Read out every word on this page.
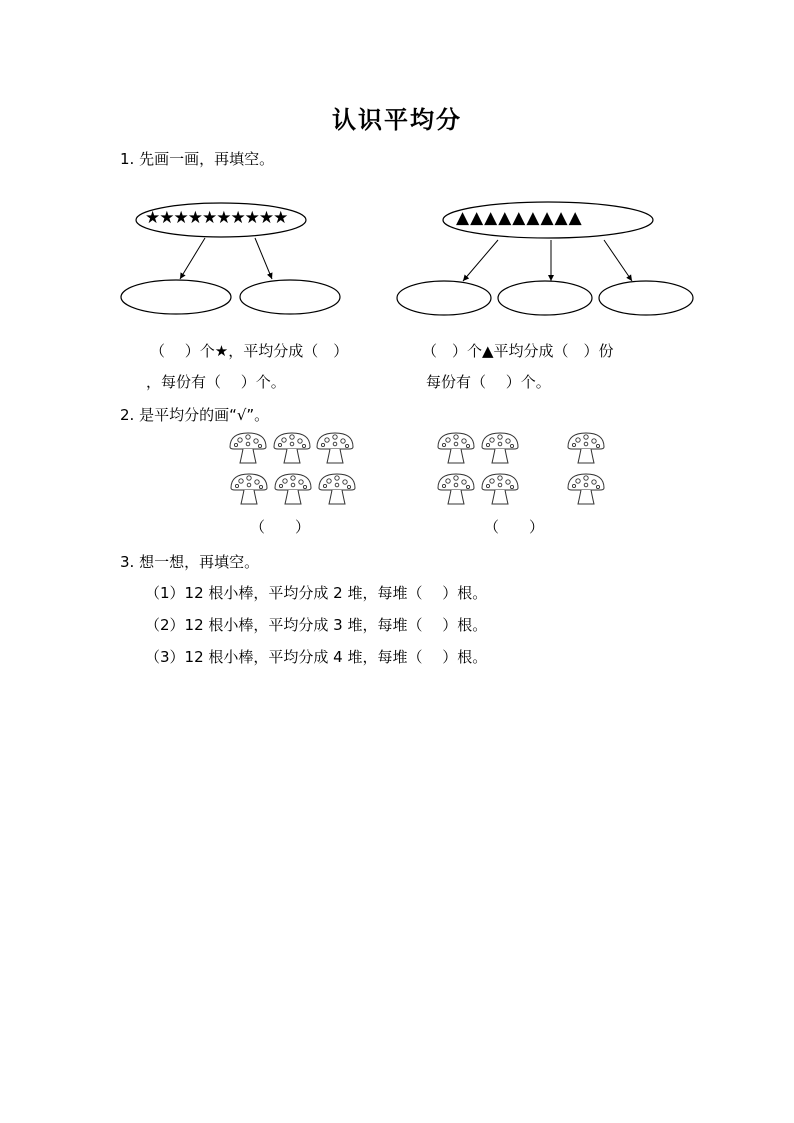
认识平均分
1. 先画一画，再填空。
★★★★★★★★★★	▲▲▲▲▲▲▲▲▲
（　 ）个★，平均分成（　）
，每份有（　 ）个。
（　）个▲平均分成（　）份
每份有（　 ）个。
2. 是平均分的画“√”。
（　　）	（　　）
3. 想一想，再填空。
（1）12 根小棒，平均分成 2 堆，每堆（　 ）根。
（2）12 根小棒，平均分成 3 堆，每堆（　 ）根。
（3）12 根小棒，平均分成 4 堆，每堆（　 ）根。
